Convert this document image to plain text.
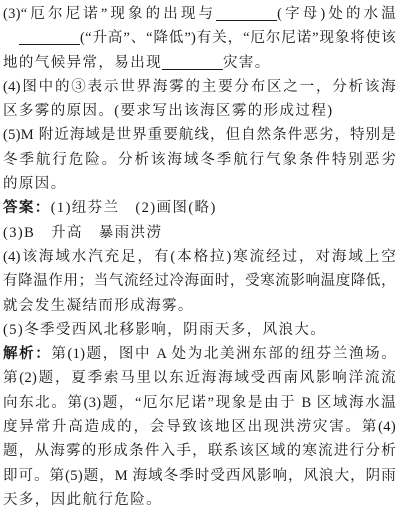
(3)“厄尔尼诺”现象的出现与	(字母)处的水温
(“升高”、“降低”)有关，“厄尔尼诺”现象将使该
地的气候异常，易出现	灾害。
(4)图中的③表示世界海雾的主要分布区之一，分析该海
区多雾的原因。(要求写出该海区雾的形成过程)
(5)M 附近海域是世界重要航线，但自然条件恶劣，特别是
冬季航行危险。分析该海域冬季航行气象条件特别恶劣
的原因。
答案：(1)纽芬兰　(2)画图(略)
(3)B　升高　暴雨洪涝
(4)该海域水汽充足，有(本格拉)寒流经过，对海域上空
有降温作用；当气流经过冷海面时，受寒流影响温度降低，
就会发生凝结而形成海雾。
(5)冬季受西风北移影响，阴雨天多，风浪大。
解析：第(1)题，图中 A 处为北美洲东部的纽芬兰渔场。
第(2)题，夏季索马里以东近海海域受西南风影响洋流流
向东北。第(3)题，“厄尔尼诺”现象是由于 B 区域海水温
度异常升高造成的，会导致该地区出现洪涝灾害。第(4)
题，从海雾的形成条件入手，联系该区域的寒流进行分析
即可。第(5)题，M 海域冬季时受西风影响，风浪大，阴雨
天多，因此航行危险。
